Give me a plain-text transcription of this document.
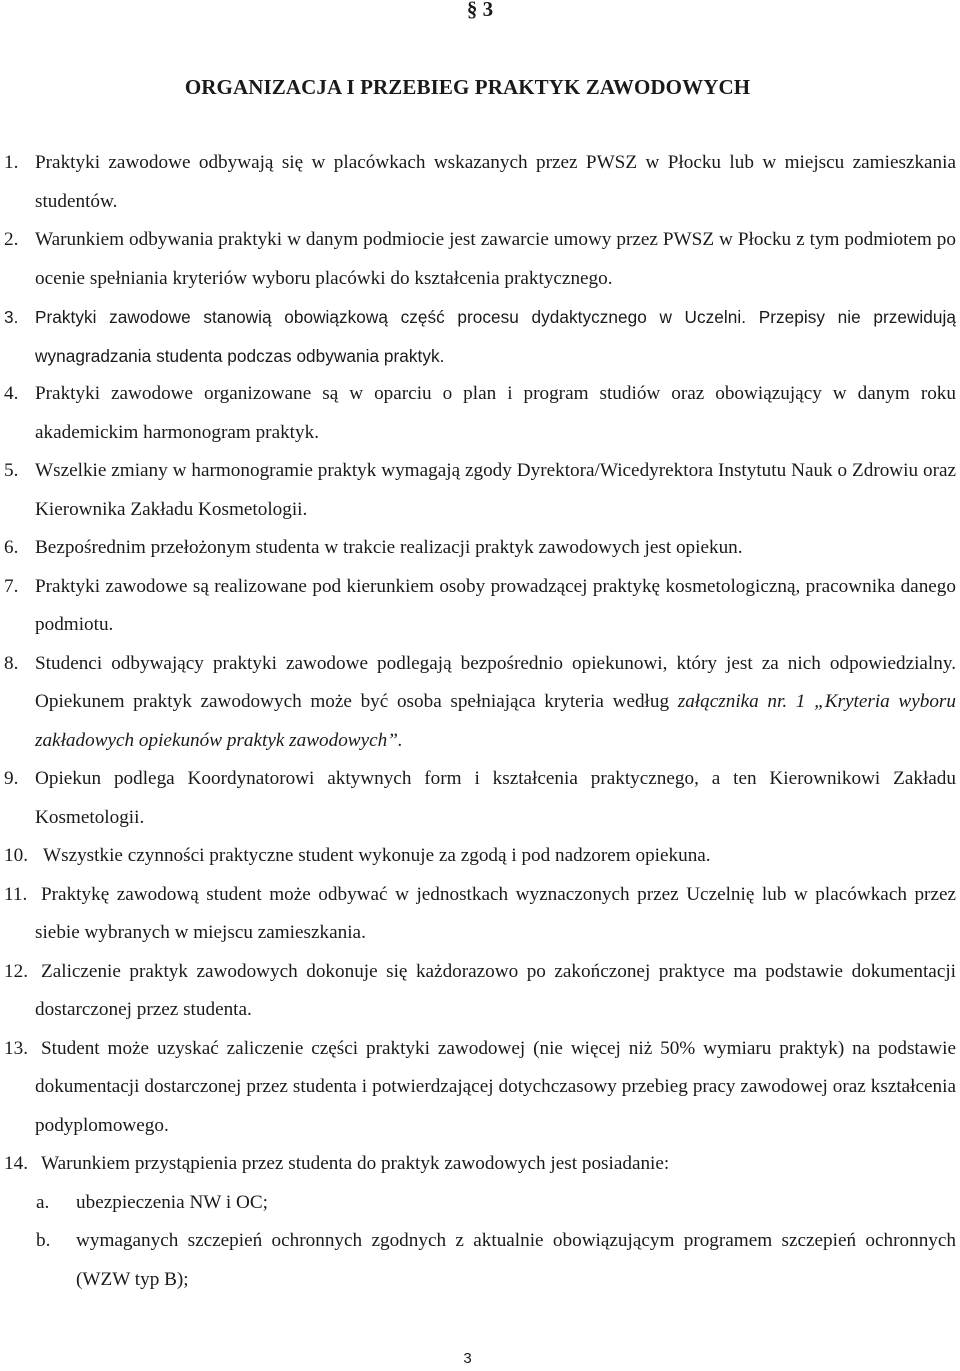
§ 3
ORGANIZACJA I PRZEBIEG PRAKTYK ZAWODOWYCH
1. Praktyki zawodowe odbywają się w placówkach wskazanych przez PWSZ w Płocku lub w miejscu zamieszkania studentów.
2. Warunkiem odbywania praktyki w danym podmiocie jest zawarcie umowy przez PWSZ w Płocku z tym podmiotem po ocenie spełniania kryteriów wyboru placówki do kształcenia praktycznego.
3. Praktyki zawodowe stanowią obowiązkową część procesu dydaktycznego w Uczelni. Przepisy nie przewidują wynagradzania studenta podczas odbywania praktyk.
4. Praktyki zawodowe organizowane są w oparciu o plan i program studiów oraz obowiązujący w danym roku akademickim harmonogram praktyk.
5. Wszelkie zmiany w harmonogramie praktyk wymagają zgody Dyrektora/Wicedyrektora Instytutu Nauk o Zdrowiu oraz Kierownika Zakładu Kosmetologii.
6. Bezpośrednim przełożonym studenta w trakcie realizacji praktyk zawodowych jest opiekun.
7. Praktyki zawodowe są realizowane pod kierunkiem osoby prowadzącej praktykę kosmetologiczną, pracownika danego podmiotu.
8. Studenci odbywający praktyki zawodowe podlegają bezpośrednio opiekunowi, który jest za nich odpowiedzialny. Opiekunem praktyk zawodowych może być osoba spełniająca kryteria według załącznika nr. 1 „Kryteria wyboru zakładowych opiekunów praktyk zawodowych”.
9. Opiekun podlega Koordynatorowi aktywnych form i kształcenia praktycznego, a ten Kierownikowi Zakładu Kosmetologii.
10. Wszystkie czynności praktyczne student wykonuje za zgodą i pod nadzorem opiekuna.
11. Praktykę zawodową student może odbywać w jednostkach wyznaczonych przez Uczelnię lub w placówkach przez siebie wybranych w miejscu zamieszkania.
12. Zaliczenie praktyk zawodowych dokonuje się każdorazowo po zakończonej praktyce ma podstawie dokumentacji dostarczonej przez studenta.
13. Student może uzyskać zaliczenie części praktyki zawodowej (nie więcej niż 50% wymiaru praktyk) na podstawie dokumentacji dostarczonej przez studenta i potwierdzającej dotychczasowy przebieg pracy zawodowej oraz kształcenia podyplomowego.
14. Warunkiem przystąpienia przez studenta do praktyk zawodowych jest posiadanie:
a. ubezpieczenia NW i OC;
b. wymaganych szczepień ochronnych zgodnych z aktualnie obowiązującym programem szczepień ochronnych (WZW typ B);
3
